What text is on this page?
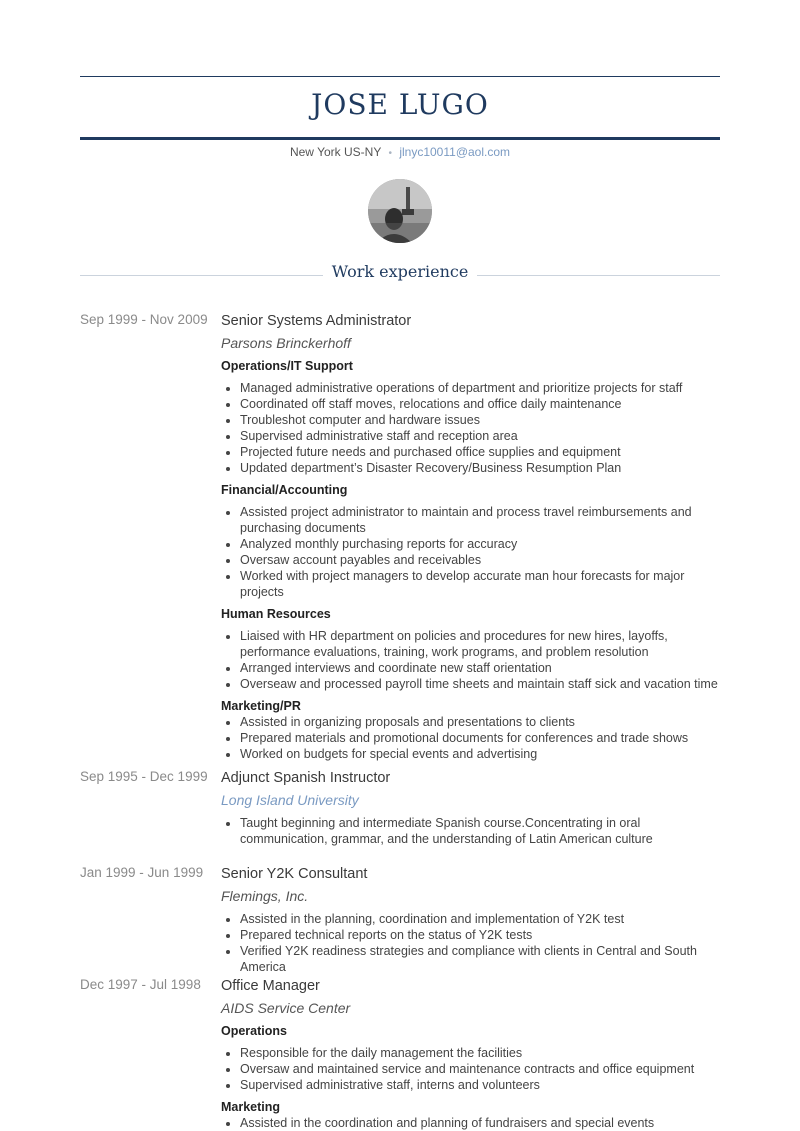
JOSE LUGO
New York US-NY • jlnyc10011@aol.com
Work experience
Sep 1999 - Nov 2009 Senior Systems Administrator
Parsons Brinckerhoff
Operations/IT Support
• Managed administrative operations of department and prioritize projects for staff
• Coordinated off staff moves, relocations and office daily maintenance
• Troubleshot computer and hardware issues
• Supervised administrative staff and reception area
• Projected future needs and purchased office supplies and equipment
• Updated department’s Disaster Recovery/Business Resumption Plan
Financial/Accounting
• Assisted project administrator to maintain and process travel reimbursements and purchasing documents
• Analyzed monthly purchasing reports for accuracy
• Oversaw account payables and receivables
• Worked with project managers to develop accurate man hour forecasts for major projects
Human Resources
• Liaised with HR department on policies and procedures for new hires, layoffs, performance evaluations, training, work programs, and problem resolution
• Arranged interviews and coordinate new staff orientation
• Overseaw and processed payroll time sheets and maintain staff sick and vacation time
Marketing/PR
• Assisted in organizing proposals and presentations to clients
• Prepared materials and promotional documents for conferences and trade shows
• Worked on budgets for special events and advertising
Sep 1995 - Dec 1999 Adjunct Spanish Instructor
Long Island University
• Taught beginning and intermediate Spanish course.Concentrating in oral communication, grammar, and the understanding of Latin American culture
Jan 1999 - Jun 1999	Senior Y2K Consultant
Flemings, Inc.
• Assisted in the planning, coordination and implementation of Y2K test
• Prepared technical reports on the status of Y2K tests
• Verified Y2K readiness strategies and compliance with clients in Central and South America
Dec 1997 - Jul 1998	Office Manager
AIDS Service Center
Operations
• Responsible for the daily management the facilities
• Oversaw and maintained service and maintenance contracts and office equipment
• Supervised administrative staff, interns and volunteers
Marketing
• Assisted in the coordination and planning of fundraisers and special events
